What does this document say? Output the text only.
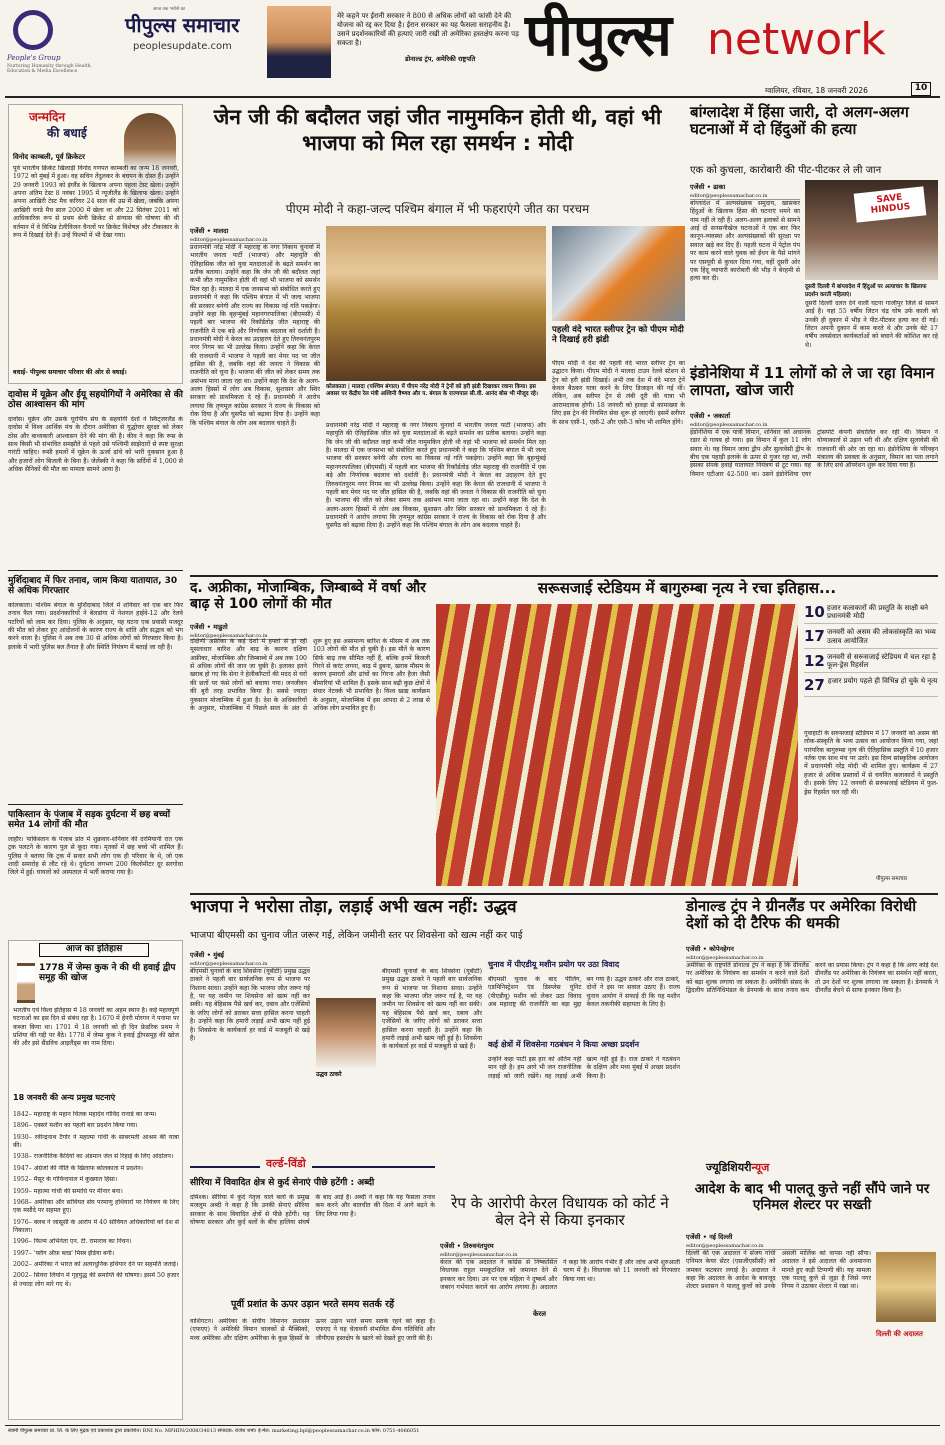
People's Group
Nurturing Humanity through Health, Education & Media Excellence
आज तक भरोसे का
पीपुल्स समाचार
peoplesupdate.com
मेरे कहने पर ईरानी सरकार ने 800 से अधिक लोगों को फांसी देने की योजना को रद्द कर दिया है। ईरान सरकार का यह फैसला सराहनीय है। उसने प्रदर्शनकारियों की हत्याएं जारी रखी तो अमेरिका हस्तक्षेप करना पड़ सकता है।
डोनाल्ड ट्रंप, अमेरिकी राष्ट्रपति पीपुल्स network
ग्वालियर, रविवार, 18 जनवरी 2026	10
जन्मदिन
की बधाई
विनोद काम्बली, पूर्व क्रिकेटर
पूर्व भारतीय क्रिकेट खिलाड़ी विनोद गणपत काम्बली का जन्म 18 जनवरी, 1972 को मुंबई में हुआ। वह सचिन तेंदुलकर के बचपन के दोस्त हैं। उन्होंने 29 जनवरी 1993 को इंग्लैंड के खिलाफ अपना पहला टेस्ट खेला। उन्होंने अपना अंतिम टेस्ट 8 नवंबर 1995 में न्यूजीलैंड के खिलाफ खेला। उन्होंने अपना आखिरी टेस्ट मैच करियर 24 साल की उम्र में खेला, जबकि अपना आखिरी वनडे मैच साल 2000 में खेला था और 22 सितंबर 2011 को आधिकारिक रूप से प्रथम श्रेणी क्रिकेट से संन्यास की घोषणा की थी वर्तमान में वे विभिन्न टेलीविजन चैनलों पर क्रिकेट विशेषज्ञ और टीकाकार के रूप में दिखाई देते हैं। उन्हें फिल्मों में भी देखा गया।
बधाई- पीपुल्स समाचार परिवार की ओर से बधाई।
दावोस में यूक्रेन और ईयू सहयोगियों ने अमेरिका से की ठोस आश्वासन की मांग
दावोस। यूक्रेन और उसके यूरोपीय संघ के सहयोगी देशों ने स्विट्जरलैंड के दावोस में विश्व आर्थिक मंच के दौरान अमेरिका से युद्धोत्तर सुरक्षा को लेकर ठोस और बाध्यकारी आश्वासन देने की मांग की है। कीव ने कहा कि रूस के साथ किसी भी संभावित समझौते से पहले उसे पश्चिमी साझेदारों से स्पष्ट सुरक्षा गारंटी चाहिए। रूसी हमलों में यूक्रेन के ऊर्जा ढांचे को भारी नुकसान हुआ है और हजारों लोग बिजली के बिना हैं। जेलेंस्की ने कहा कि सर्दियों में 1,000 से अधिक सैनिकों की मौत का मामला सामने आया है।
मुर्शिदाबाद में फिर तनाव, जाम किया यातायात, 30 से अधिक गिरफ्तार
कोलकाता। पश्चिम बंगाल के मुर्शिदाबाद जिले में शनिवार को एक बार फिर तनाव फैल गया। प्रदर्शनकारियों ने बेलडांगा में नेशनल हाईवे-12 और रेलवे पटरियों को जाम कर दिया। पुलिस के अनुसार, यह घटना एक प्रवासी मजदूर की मौत को लेकर हुए आंदोलनों के कारण राज्य के शांति और सद्भाव को भंग करने वाला है। पुलिस ने अब तक 30 से अधिक लोगों को गिरफ्तार किया है। इलाके में भारी पुलिस बल तैनात है और स्थिति नियंत्रण में बताई जा रही है।
पाकिस्तान के पंजाब में सड़क दुर्घटना में छह बच्चों समेत 14 लोगों की मौत
लाहौर। पाकिस्तान के पंजाब प्रांत में शुक्रवार-शनिवार की दरमियानी रात एक ट्रक पलटने के कारण पुल से कूदा गया। मृतकों में छह बच्चे भी शामिल हैं। पुलिस ने बताया कि ट्रक में सवार सभी लोग एक ही परिवार के थे, जो एक शादी समारोह से लौट रहे थे। दुर्घटना लगभग 200 किलोमीटर दूर सरगोधा जिले में हुई। घायलों को अस्पताल में भर्ती कराया गया है।
आज का इतिहास
1778 में जेम्स कुक ने की थी हवाई द्वीप समूह की खोज
भारतीय एवं विश्व इतिहास में 18 जनवरी का अहम स्थान है। कई महत्वपूर्ण घटनाओं का इस दिन से संबंध रहा है। 1670 में हेनरी मोरगन ने पनामा पर कब्जा किया था। 1701 में 18 जनवरी को ही दिन फ्रेडरिक प्रथम ने प्रशिया की गद्दी पर बैठे। 1778 में जेम्स कुक ने हवाई द्वीपसमूह की खोज की और इसे सैंडविच आइलैंड्स का नाम दिया।
18 जनवरी की अन्य प्रमुख घटनाएं
1842– महाराष्ट्र के महान चिंतक महादेव गोविंद रानाडे का जन्म।
1896– एक्सरे मशीन का पहली बार प्रदर्शन किया गया।
1930– रवीन्द्रनाथ टैगोर ने महात्मा गांधी के साबरमती आश्रम की यात्रा की।
1938– राजनीतिक कैदियों का अंडमान जेल से रिहाई के लिए आंदोलन।
1947– अंग्रेजों की नीति के खिलाफ कोलकाता में प्रदर्शन।
1952– मैसूर के गोविन्दपाल में कुख्यात हिंसा।
1959– महात्मा गांधी की समाधि पर मीनार बना।
1968– अमेरिका और सोवियत संघ परमाणु हथियारों पर नियंत्रण के लिए एक मसौदे पर सहमत हुए।
1976– क्लब ने जासूसी के आरोप में 40 सोवियत अधिकारियों को देश से निकाला।
1996– फिल्म अभिनेता एन. टी. रामाराव का निधन।
1997– 'फ्लैग ऑफ़ ब्लड' मिस्त्र इंडिया बनीं।
2002– अमेरिका ने भारत को अत्याधुनिक हथियार देने पर सहमति जताई।
2002– सियरा लियोन में गृहयुद्ध की समाप्ति की घोषणा। इसमें 50 हजार से ज्यादा लोग मारे गए थे।
जेन जी की बदौलत जहां जीत नामुमकिन होती थी, वहां भी भाजपा को मिल रहा समर्थन : मोदी
पीएम मोदी ने कहा-जल्द पश्चिम बंगाल में भी फहराएंगे जीत का परचम
एजेंसी • मालदा
editor@peoplessamachar.co.in
प्रधानमंत्री नरेंद्र मोदी ने महाराष्ट्र के नगर निकाय चुनावों में भारतीय जनता पार्टी (भाजपा) और महायुति की ऐतिहासिक जीत को युवा मतदाताओं के बढ़ते समर्थन का प्रतीक बताया। उन्होंने कहा कि जेन जी की बदौलत जहां कभी जीत नामुमकिन होती थी वहां भी भाजपा को समर्थन मिल रहा है। मालदा में एक जनसभा को संबोधित करते हुए प्रधानमंत्री ने कहा कि पश्चिम बंगाल में भी जल्द भाजपा की सरकार बनेगी और राज्य का विकास नई गति पकड़ेगा। उन्होंने कहा कि बृहन्मुंबई महानगरपालिका (बीएमसी) में पहली बार भाजपा की रिकॉर्डतोड़ जीत महाराष्ट्र की राजनीति में एक बड़े और निर्णायक बदलाव को दर्शाती है। प्रधानमंत्री मोदी ने केरल का उदाहरण देते हुए तिरुवनंतपुरम नगर निगम का भी उल्लेख किया। उन्होंने कहा कि केरल की राजधानी में भाजपा ने पहली बार मेयर पद पर जीत हासिल की है, जबकि वहां की जनता ने विकास की राजनीति को चुना है। भाजपा की जीत को लेकर समय तक असंभव माना जाता रहा था। उन्होंने कहा कि देश के अलग-अलग हिस्सों में लोग अब विकास, सुशासन और स्थिर सरकार को प्राथमिकता दे रहे हैं। प्रधानमंत्री ने आरोप लगाया कि तृणमूल कांग्रेस सरकार ने राज्य के विकास को रोक दिया है और घुसपैठ को बढ़ावा दिया है। उन्होंने कहा कि पश्चिम बंगाल के लोग अब बदलाव चाहते हैं।
कोलकाता | मालदा (पश्चिम बंगाल) में पीएम नरेंद्र मोदी ने ट्रेनों को हरी झंडी दिखाकर रवाना किया। इस अवसर पर केंद्रीय रेल मंत्री अश्विनी वैष्णव और प. बंगाल के राज्यपाल सी.वी. आनंद बोस भी मौजूद रहे।
प्रधानमंत्री नरेंद्र मोदी ने महाराष्ट्र के नगर निकाय चुनावों में भारतीय जनता पार्टी (भाजपा) और महायुति की ऐतिहासिक जीत को युवा मतदाताओं के बढ़ते समर्थन का प्रतीक बताया। उन्होंने कहा कि जेन जी की बदौलत जहां कभी जीत नामुमकिन होती थी वहां भी भाजपा को समर्थन मिल रहा है। मालदा में एक जनसभा को संबोधित करते हुए प्रधानमंत्री ने कहा कि पश्चिम बंगाल में भी जल्द भाजपा की सरकार बनेगी और राज्य का विकास नई गति पकड़ेगा। उन्होंने कहा कि बृहन्मुंबई महानगरपालिका (बीएमसी) में पहली बार भाजपा की रिकॉर्डतोड़ जीत महाराष्ट्र की राजनीति में एक बड़े और निर्णायक बदलाव को दर्शाती है। प्रधानमंत्री मोदी ने केरल का उदाहरण देते हुए तिरुवनंतपुरम नगर निगम का भी उल्लेख किया। उन्होंने कहा कि केरल की राजधानी में भाजपा ने पहली बार मेयर पद पर जीत हासिल की है, जबकि वहां की जनता ने विकास की राजनीति को चुना है। भाजपा की जीत को लेकर समय तक असंभव माना जाता रहा था। उन्होंने कहा कि देश के अलग-अलग हिस्सों में लोग अब विकास, सुशासन और स्थिर सरकार को प्राथमिकता दे रहे हैं। प्रधानमंत्री ने आरोप लगाया कि तृणमूल कांग्रेस सरकार ने राज्य के विकास को रोक दिया है और घुसपैठ को बढ़ावा दिया है। उन्होंने कहा कि पश्चिम बंगाल के लोग अब बदलाव चाहते हैं।
पहली वंदे भारत स्लीपर ट्रेन को पीएम मोदी ने दिखाई हरी झंडी
पीएम मोदी ने देश की पहली वंदे भारत स्लीपर ट्रेन का उद्घाटन किया। पीएम मोदी ने मालदा टाउन रेलवे स्टेशन से ट्रेन को हरी झंडी दिखाई। अभी तक देश में वंदे भारत ट्रेनें केवल बैठकर यात्रा करने के लिए डिजाइन की गई थीं। लेकिन, अब स्लीपर ट्रेन से लंबी दूरी की यात्रा भी आरामदायक होगी। 18 जनवरी को हावड़ा से कामाख्या के लिए इस ट्रेन की नियमित सेवा शुरू हो जाएगी। इसमें स्लीपर के साथ एसी-1, एसी-2 और एसी-3 कोच भी शामिल होंगे।
बांग्लादेश में हिंसा जारी, दो अलग-अलग घटनाओं में दो हिंदुओं की हत्या
एक को कुचला, कारोबारी की पीट-पीटकर ले ली जान
एजेंसी • ढाका
editor@peoplessamachar.co.in
बांग्लादेश में अल्पसंख्यक समुदाय, खासकर हिंदुओं के खिलाफ हिंसा की घटनाएं थमने का नाम नहीं ले रही हैं। अलग-अलग इलाकों से सामने आई दो सनसनीखेज घटनाओं ने एक बार फिर कानून-व्यवस्था और अल्पसंख्यकों की सुरक्षा पर सवाल खड़े कर दिए हैं। पहली घटना में पेट्रोल पंप पर काम करने वाले युवक को ईंधन के पैसे मांगने पर एसयूवी से कुचल दिया गया, वहीं दूसरी ओर एक हिंदू व्यापारी कारोबारी की भीड़ ने बेरहमी से हत्या कर दी।
SAVE HINDUS
दूसरी दिल्ली में बांग्लादेश में हिंदुओं पर अत्याचार के खिलाफ प्रदर्शन करती महिलाएं।
दूसरी दिल्ली दलत देने वाली घटना गाजीपुर जिले से सामने आई है। यहां 55 वर्षीय लिटन चंद्र घोष उर्फ काली को उनकी ही दुकान में भीड़ ने पीट-पीटकर हत्या कर दी गई। लिटन अपनी दुकान में काम करते थे और उनके बेटे 17 वर्षीय जयसेवाल कार्यकर्ताओं को बचाने की कोशिश कर रहे थे।
इंडोनेशिया में 11 लोगों को ले जा रहा विमान लापता, खोज जारी
एजेंसी • जकार्ता
editor@peoplessamachar.co.in
इंडोनेशिया में एक यात्री विमान, शनिवार को अचानक रडार से गायब हो गया। इस विमान में कुल 11 लोग सवार थे। यह विमान जावा द्वीप और सुलावेसी द्वीप के बीच एक पहाड़ी इलाके के ऊपर से गुजर रहा था, तभी इसका संपर्क हवाई यातायात नियंत्रण से टूट गया। यह विमान एटीआर 42-500 था। उसने इंडोनेशिया एयर ट्रांसपोर्ट कंपनी संचालित कर रही थी। विमान ने योग्याकार्ता से उड़ान भरी थी और दक्षिण सुलावेसी की राजधानी की ओर जा रहा था। इंडोनेशिया के परिवहन मंत्रालय की प्रवक्ता के अनुसार, विमान का पता लगाने के लिए सर्च ऑपरेशन शुरू कर दिया गया है।
द. अफ्रीका, मोजाम्बिक, जिम्बाब्वे में वर्षा और बाढ़ से 100 लोगों की मौत
एजेंसी • माडुतो
editor@peoplessamachar.co.in
दक्षिणी अफ्रीका के कई देशों में हफ्तों से हो रही मूसलाधार बारिश और बाढ़ के कारण दक्षिण अफ्रीका, मोजाम्बिक और जिम्बाब्वे में अब तक 100 से अधिक लोगों की जान जा चुकी है। इलाका इतने खराब हो गए कि सेना ने हेलीकॉप्टरों की मदद से घरों की छतों पर फंसे लोगों को बचाया गया। जनजीवन की बुरी तरह प्रभावित किया है। सबसे ज्यादा नुकसान मोजाम्बिक में हुआ है। देश के अधिकारियों के अनुसार, मोजाम्बिक में पिछले साल के अंत से शुरू हुए इस असामान्य बारिश के मौसम में अब तक 103 लोगों की मौत हो चुकी है। इस मौतें के कारण सिर्फ बाढ़ तक सीमित नहीं हैं, बल्कि इनमें बिजली गिरने से करंट लगना, बाढ़ में डूबना, खराब मौसम के कारण इमारतों और ढांचों का गिरना और हैजा जैसी बीमारियां भी शामिल हैं। इसके साथ बढ़ी कुछ क्षेत्रों में संचार नेटवर्क भी प्रभावित है। विश्व खाद्य कार्यक्रम के अनुसार, मोजाम्बिक में इस आपदा से 2 लाख से अधिक लोग प्रभावित हुए हैं।
सरूसजाई स्टेडियम में बागुरुम्बा नृत्य ने रचा इतिहास...
10 हजार कलाकारों की प्रस्तुति के साक्षी बने प्रधानमंत्री मोदी
17 जनवरी को असम की लोकसंस्कृति का भव्य उत्सव आयोजित
12 जनवरी से सरूसजाई स्टेडियम में चल रहा है फूल-ड्रेस रिहर्सल
27 हजार प्रयोग पहले ही विभिन्न हो चुके थे नृत्य
गुवाहाटी के सरूसजाई स्टेडियम में 17 जनवरी को असम की लोक-संस्कृति के भव्य उत्सव का आयोजन किया गया, जहां पारंपरिक बागुरुम्बा नृत्य की ऐतिहासिक प्रस्तुति में 10 हजार नर्तक एक साथ मंच पर उतरे। इस दिव्य सांस्कृतिक आयोजन में प्रधानमंत्री नरेंद्र मोदी भी शामिल हुए। कार्यक्रम में 27 हजार से अधिक प्रस्तावों में से चयनित कलाकारों ने प्रस्तुति दी। इसके लिए 12 जनवरी से सरूसजाई स्टेडियम में फुल-ड्रेस रिहर्सल चल रही थी।
पीपुल्स समाचार
भाजपा ने भरोसा तोड़ा, लड़ाई अभी खत्म नहीं: उद्धव
भाजपा बीएमसी का चुनाव जीत जरूर गई, लेकिन जमीनी स्तर पर शिवसेना को खत्म नहीं कर पाई
एजेंसी • मुंबई
editor@peoplessamachar.co.in
बीएमसी चुनावों के बाद शिवसेना (यूबीटी) प्रमुख उद्धव ठाकरे ने पहली बार सार्वजनिक रूप से भाजपा पर निशाना साधा। उन्होंने कहा कि भाजपा जीत जरूर गई है, पर यह जमीन पर शिवसेना को खत्म नहीं कर सकी। यह बेहिसाब पैसे खर्च कर, दबाव और एजेंसियों के जरिए लोगों को डराकर सत्ता हासिल करना चाहती है। उन्होंने कहा कि हमारी लड़ाई अभी खत्म नहीं हुई है। शिवसेना के कार्यकर्ता हर वार्ड में मजबूती से खड़े हैं।
उद्धव ठाकरे
बीएमसी चुनावों के बाद शिवसेना (यूबीटी) प्रमुख उद्धव ठाकरे ने पहली बार सार्वजनिक रूप से भाजपा पर निशाना साधा। उन्होंने कहा कि भाजपा जीत जरूर गई है, पर यह जमीन पर शिवसेना को खत्म नहीं कर सकी। यह बेहिसाब पैसे खर्च कर, दबाव और एजेंसियों के जरिए लोगों को डराकर सत्ता हासिल करना चाहती है। उन्होंने कहा कि हमारी लड़ाई अभी खत्म नहीं हुई है। शिवसेना के कार्यकर्ता हर वार्ड में मजबूती से खड़े हैं।
चुनाव में पीएडीयू मशीन प्रयोग पर उठा विवाद
बीएमसी चुनाव के बाद पीलिंग, एडमिनिस्ट्रेशन एंड डिस्प्लेस यूनिट (पीएडीयू) मशीन को लेकर उठा विवाद अब महाराष्ट्र की राजनीति का बड़ा मुद्दा बन गया है। उद्धव ठाकरे और राज ठाकरे, दोनों ने इस पर सवाल उठाए हैं। राज्य चुनाव आयोग ने सफाई दी कि यह मशीन केवल तकनीकी सहायता के लिए है।
कई क्षेत्रों में शिवसेना गठबंधन ने किया अच्छा प्रदर्शन
उन्होंने कहा पार्टी इस हार को अंतिम नहीं मान रही है। हम आगे भी जन राजनीतिक लड़ाई को जारी रखेंगे। वह लड़ाई अभी खत्म नहीं हुई है। राज ठाकरे ने गठबंधन के दक्षिण और मध्य मुंबई में अच्छा प्रदर्शन किया है।
डोनाल्ड ट्रंप ने ग्रीनलैंड पर अमेरिका विरोधी देशों को दी टैरिफ की धमकी
एजेंसी • कोपेनहेगन
editor@peoplessamachar.co.in
अमेरिका के राष्ट्रपति डोनाल्ड ट्रंप ने कहा है कि ग्रीनलैंड पर अमेरिका के नियंत्रण का समर्थन न करने वाले देशों को बढ़ा शुल्क लगाया जा सकता है। अमेरिकी संसद के द्विदलीय प्रतिनिधिमंडल के डेनमार्क के साथ तनाव कम करने का प्रयास किया। ट्रंप ने कहा है कि अगर कोई देश ग्रीनलैंड पर अमेरिका के नियंत्रण का समर्थन नहीं करता, तो उन देशों पर शुल्क लगाया जा सकता है। डेनमार्क ने ग्रीनलैंड बेचने से साफ इनकार किया है।
वर्ल्ड-विंडो
सीरिया में विवादित क्षेत्र से कुर्द सेनाएं पीछे हटेंगी : अब्दी
दमिश्क। सीरिया में कुर्द नेतृत्व वाले बलों के प्रमुख मजलूम अब्दी ने कहा है कि उनकी सेनाएं सीरिया सरकार के साथ विवादित क्षेत्रों से पीछे हटेंगी। यह घोषणा सरकार और कुर्द बलों के बीच हालिया संघर्ष के बाद आई है। अब्दी ने कहा कि यह फैसला तनाव कम करने और बातचीत की दिशा में आगे बढ़ने के लिए लिया गया है।
पूर्वी प्रशांत के ऊपर उड़ान भरते समय सतर्क रहें
वाशिंगटन। अमेरिका के संघीय विमानन प्रशासन (एफएए) ने अमेरिकी विमान चालकों से मैक्सिको, मध्य अमेरिका और दक्षिण अमेरिका के कुछ हिस्सों के ऊपर उड़ान भरते समय सतर्क रहने को कहा है। एफएए ने यह चेतावनी संभावित सैन्य गतिविधि और जीपीएस हस्तक्षेप के खतरे को देखते हुए जारी की है।
रेप के आरोपी केरल विधायक को कोर्ट ने बेल देने से किया इनकार
एजेंसी • तिरुवनंतपुरम
editor@peoplessamachar.co.in
केरल की एक अदालत ने कांग्रेस से निष्कासित विधायक राहुल ममकूटथिल को जमानत देने से इनकार कर दिया। उन पर एक महिला ने दुष्कर्म और जबरन गर्भपात कराने का आरोप लगाया है। अदालत ने कहा कि आरोप गंभीर हैं और जांच अभी शुरुआती चरण में है। विधायक को 11 जनवरी को गिरफ्तार किया गया था।
केरल
ज्यूडिशियरीन्यूज
आदेश के बाद भी पालतू कुत्ते नहीं सौंपे जाने पर एनिमल शेल्टर पर सख्ती
एजेंसी • नई दिल्ली
editor@peoplessamachar.co.in
दिल्ली की एक अदालत ने संजय गांधी एनिमल केयर सेंटर (एसजीएसीसी) को जमकर फटकार लगाई है। अदालत ने कहा कि अदालत के आदेश के बावजूद शेल्टर प्रशासन ने पालतू कुत्तों को उनके असली मालिक को वापस नहीं सौंपा। अदालत ने इसे अदालत की अवमानना मानते हुए कड़ी टिप्पणी की। यह मामला एक पालतू कुत्ते से जुड़ा है जिसे नगर निगम ने उठाकर शेल्टर में रखा था।
दिल्ली की अदालत
स्वामी पीपुल्स समाचार प्रा. लि. के लिए मुद्रक एवं प्रकाशक द्वारा प्रकाशित। RNI No. MPHIN/2008/34013 संपादक: राजेश शर्मा। ई-मेल: marketing.bpl@peoplessamachar.co.in फोन: 0751-4066051
